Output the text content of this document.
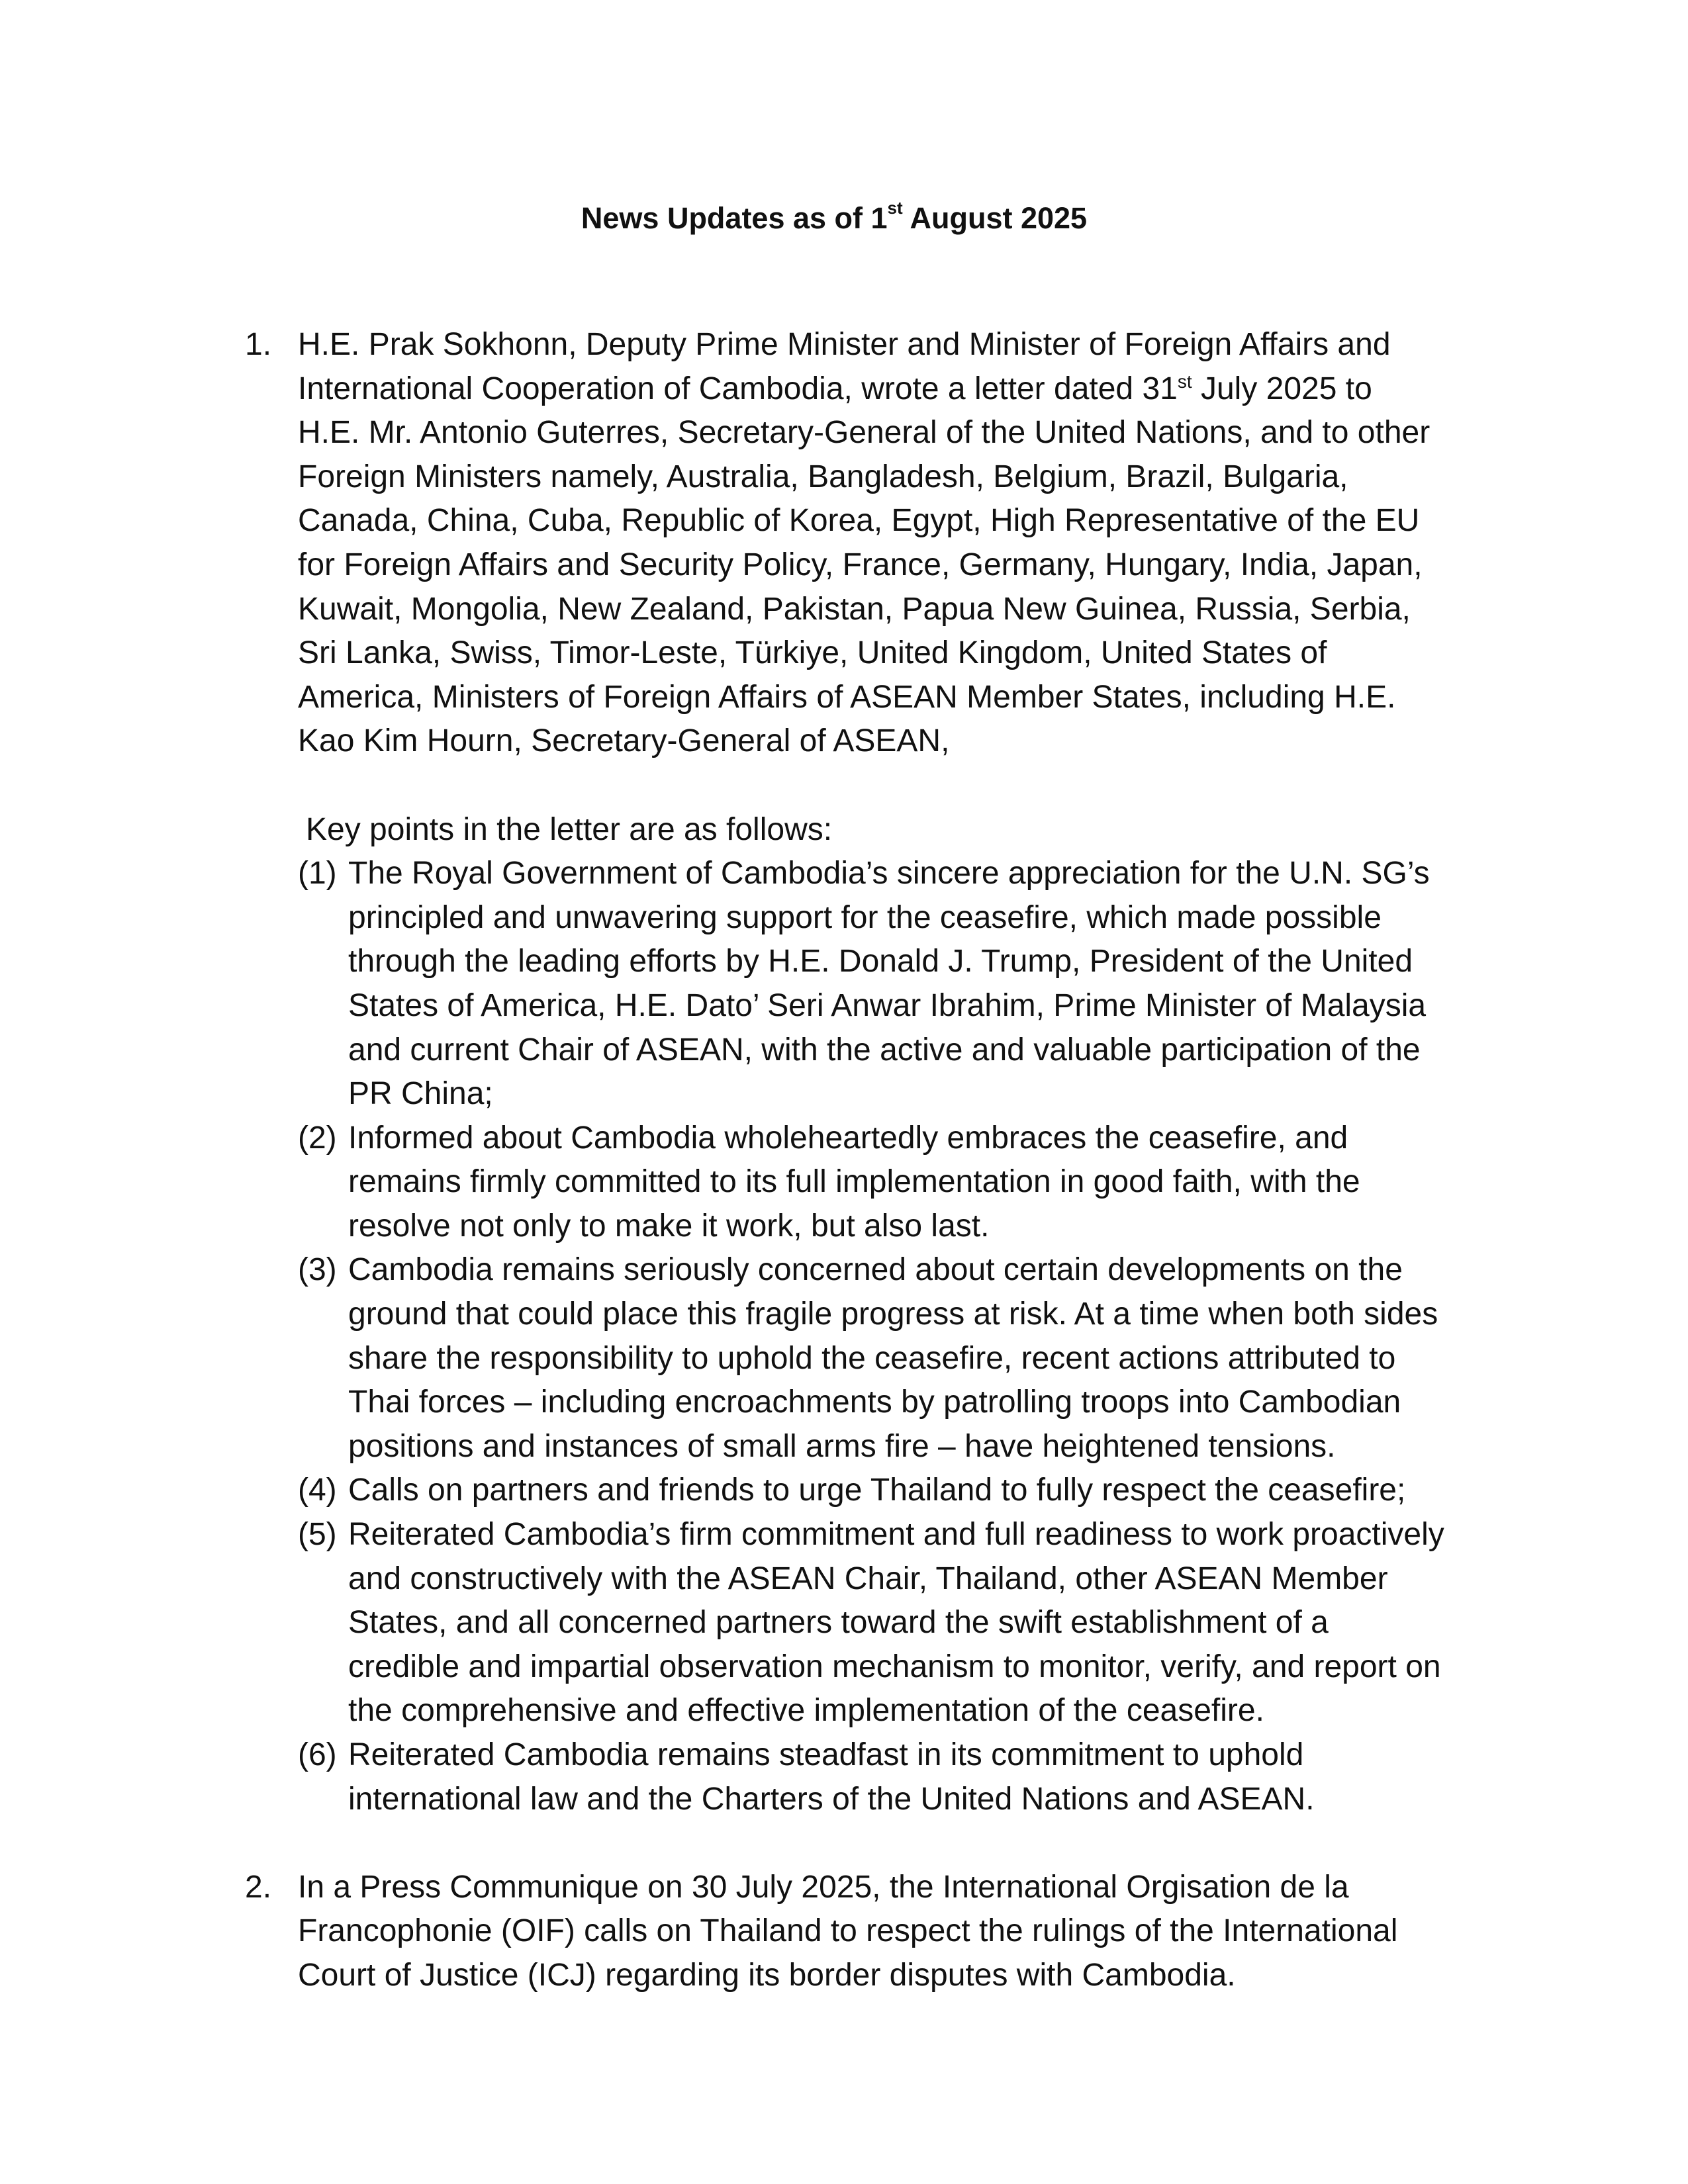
News Updates as of 1st August 2025
1. H.E. Prak Sokhonn, Deputy Prime Minister and Minister of Foreign Affairs and
International Cooperation of Cambodia, wrote a letter dated 31st July 2025 to
H.E. Mr. Antonio Guterres, Secretary-General of the United Nations, and to other
Foreign Ministers namely, Australia, Bangladesh, Belgium, Brazil, Bulgaria,
Canada, China, Cuba, Republic of Korea, Egypt, High Representative of the EU
for Foreign Affairs and Security Policy, France, Germany, Hungary, India, Japan,
Kuwait, Mongolia, New Zealand, Pakistan, Papua New Guinea, Russia, Serbia,
Sri Lanka, Swiss, Timor-Leste, Türkiye, United Kingdom, United States of
America, Ministers of Foreign Affairs of ASEAN Member States, including H.E.
Kao Kim Hourn, Secretary-General of ASEAN,

Key points in the letter are as follows:

(1) The Royal Government of Cambodia’s sincere appreciation for the U.N. SG’s
principled and unwavering support for the ceasefire, which made possible
through the leading efforts by H.E. Donald J. Trump, President of the United
States of America, H.E. Dato’ Seri Anwar Ibrahim, Prime Minister of Malaysia
and current Chair of ASEAN, with the active and valuable participation of the
PR China;
(2) Informed about Cambodia wholeheartedly embraces the ceasefire, and
remains firmly committed to its full implementation in good faith, with the
resolve not only to make it work, but also last.
(3) Cambodia remains seriously concerned about certain developments on the
ground that could place this fragile progress at risk. At a time when both sides
share the responsibility to uphold the ceasefire, recent actions attributed to
Thai forces – including encroachments by patrolling troops into Cambodian
positions and instances of small arms fire – have heightened tensions.
(4) Calls on partners and friends to urge Thailand to fully respect the ceasefire;
(5) Reiterated Cambodia’s firm commitment and full readiness to work proactively
and constructively with the ASEAN Chair, Thailand, other ASEAN Member
States, and all concerned partners toward the swift establishment of a
credible and impartial observation mechanism to monitor, verify, and report on
the comprehensive and effective implementation of the ceasefire.
(6) Reiterated Cambodia remains steadfast in its commitment to uphold
international law and the Charters of the United Nations and ASEAN.
2. In a Press Communique on 30 July 2025, the International Orgisation de la
Francophonie (OIF) calls on Thailand to respect the rulings of the International
Court of Justice (ICJ) regarding its border disputes with Cambodia.
